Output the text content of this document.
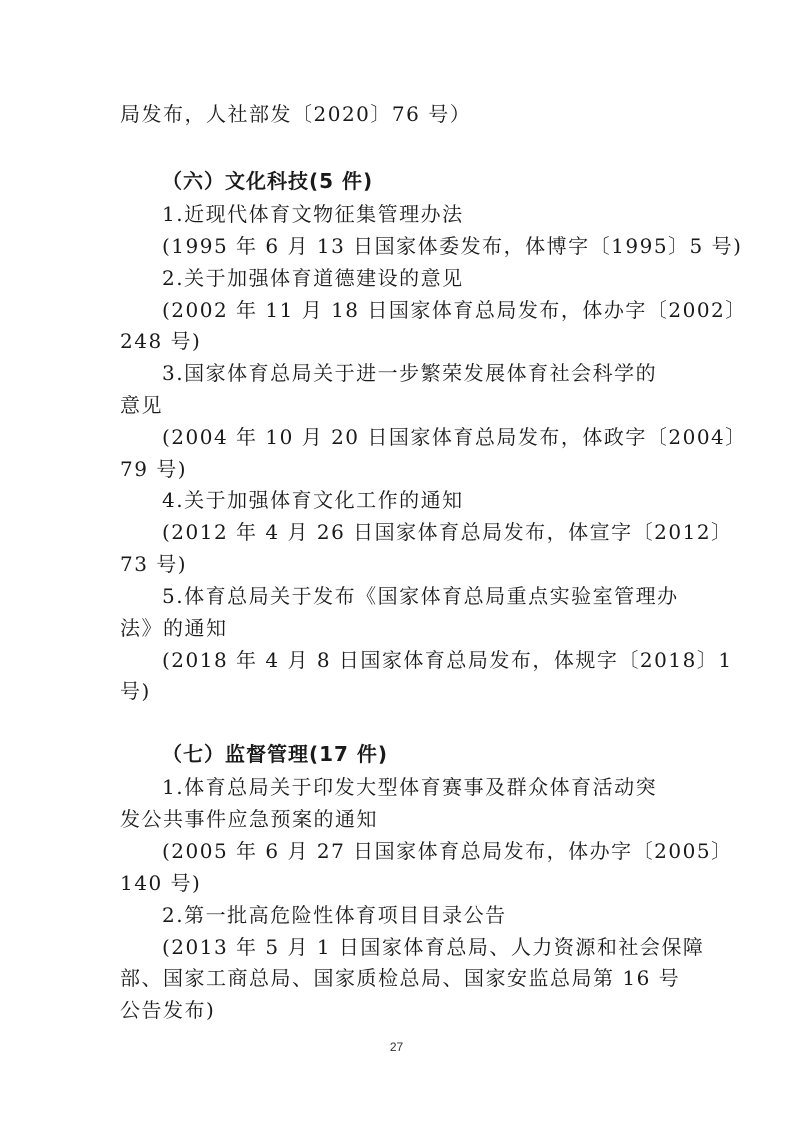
局发布，人社部发〔2020〕76 号）
（六）文化科技(5 件)
1.近现代体育文物征集管理办法
(1995 年 6 月 13 日国家体委发布，体博字〔1995〕5 号)
2.关于加强体育道德建设的意见
(2002 年 11 月 18 日国家体育总局发布，体办字〔2002〕
248 号)
3.国家体育总局关于进一步繁荣发展体育社会科学的
意见
(2004 年 10 月 20 日国家体育总局发布，体政字〔2004〕
79 号)
4.关于加强体育文化工作的通知
(2012 年 4 月 26 日国家体育总局发布，体宣字〔2012〕
73 号)
5.体育总局关于发布《国家体育总局重点实验室管理办
法》的通知
(2018 年 4 月 8 日国家体育总局发布，体规字〔2018〕1
号)
（七）监督管理(17 件)
1.体育总局关于印发大型体育赛事及群众体育活动突
发公共事件应急预案的通知
(2005 年 6 月 27 日国家体育总局发布，体办字〔2005〕
140 号)
2.第一批高危险性体育项目目录公告
(2013 年 5 月 1 日国家体育总局、人力资源和社会保障
部、国家工商总局、国家质检总局、国家安监总局第 16 号
公告发布)
27
